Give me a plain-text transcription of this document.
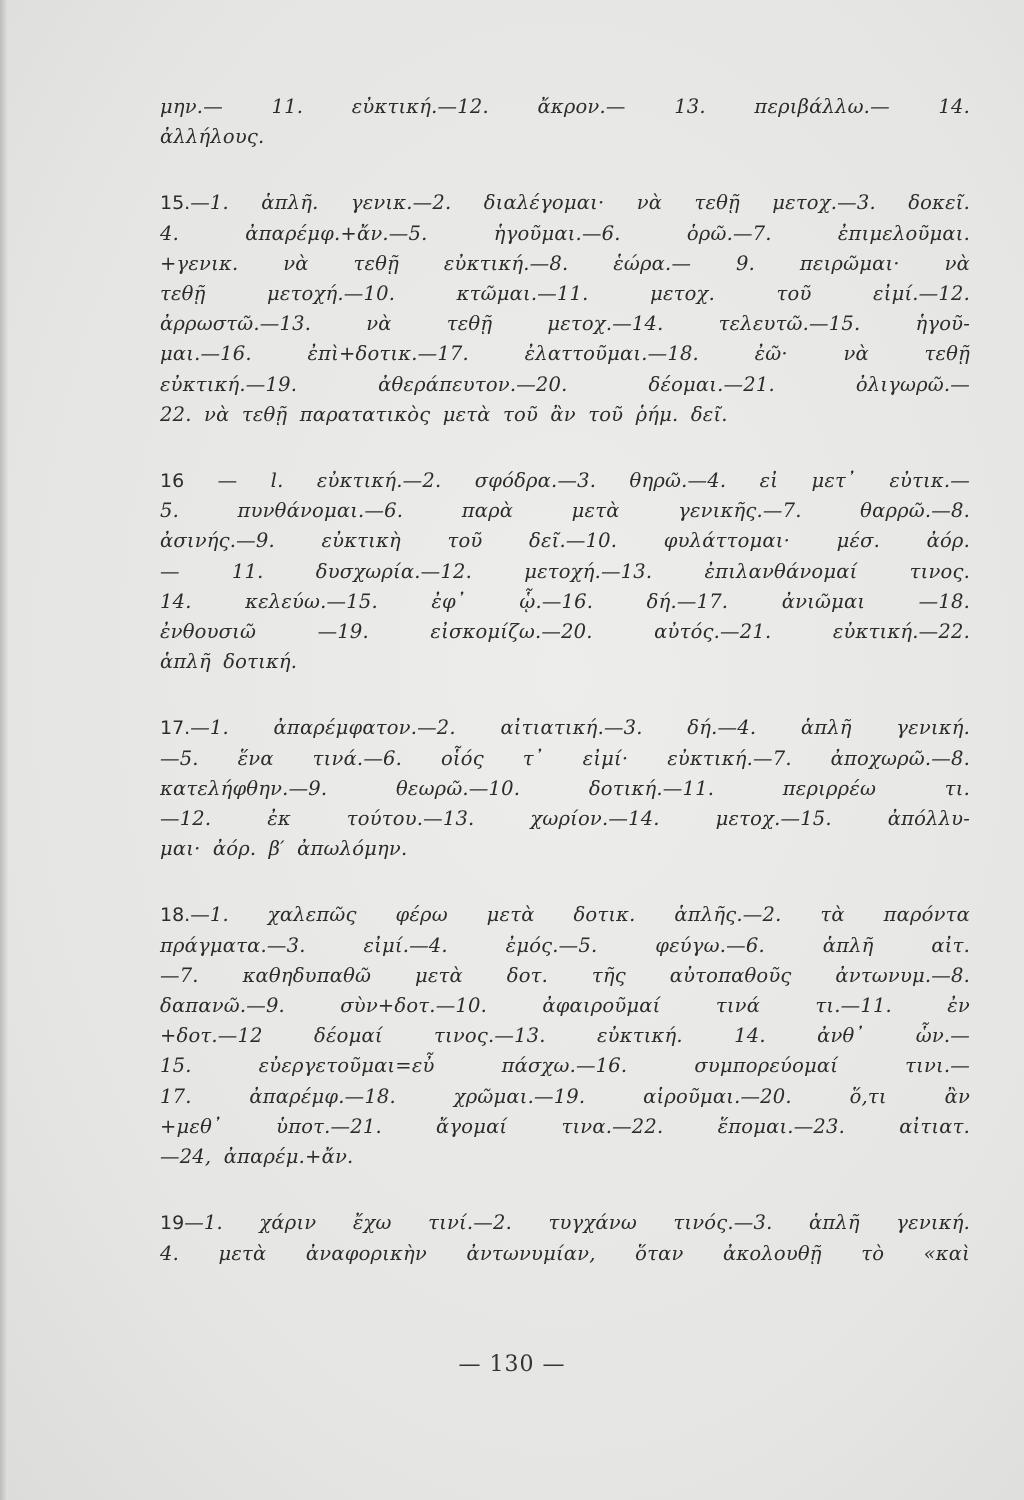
μην.— 11. εὐκτική.—12. ἄκρον.— 13. περιβάλλω.— 14.
ἀλλήλους.
15.—1. ἁπλῆ. γενικ.—2. διαλέγομαι· νὰ τεθῇ μετοχ.—3. δοκεῖ.
4. ἀπαρέμφ.+ἄν.—5. ἡγοῦμαι.—6. ὁρῶ.—7. ἐπιμελοῦμαι.
+γενικ. νὰ τεθῇ εὐκτική.—8. ἑώρα.— 9. πειρῶμαι· νὰ
τεθῇ μετοχή.—10. κτῶμαι.—11. μετοχ. τοῦ εἰμί.—12.
ἀρρωστῶ.—13. νὰ τεθῇ μετοχ.—14. τελευτῶ.—15. ἡγοῦ-
μαι.—16. ἐπὶ+δοτικ.—17. ἐλαττοῦμαι.—18. ἐῶ· νὰ τεθῇ
εὐκτική.—19. ἀθεράπευτον.—20. δέομαι.—21. ὀλιγωρῶ.—
22. νὰ τεθῇ παρατατικὸς μετὰ τοῦ ἂν τοῦ ῥήμ. δεῖ.
16 — l. εὐκτική.—2. σφόδρα.—3. θηρῶ.—4. εἰ μετ᾽ εὐτικ.—
5. πυνθάνομαι.—6. παρὰ μετὰ γενικῆς.—7. θαρρῶ.—8.
ἀσινής.—9. εὐκτικὴ τοῦ δεῖ.—10. φυλάττομαι· μέσ. ἀόρ.
— 11. δυσχωρία.—12. μετοχή.—13. ἐπιλανθάνομαί τινος.
14. κελεύω.—15. ἐφ᾽ ᾧ.—16. δή.—17. ἀνιῶμαι —18.
ἐνθουσιῶ —19. εἰσκομίζω.—20. αὐτός.—21. εὐκτική.—22.
ἁπλῆ δοτική.
17.—1. ἀπαρέμφατον.—2. αἰτιατική.—3. δή.—4. ἁπλῆ γενική.
—5. ἕνα τινά.—6. οἷός τ᾽ εἰμί· εὐκτική.—7. ἀποχωρῶ.—8.
κατελήφθην.—9. θεωρῶ.—10. δοτική.—11. περιρρέω τι.
—12. ἐκ τούτου.—13. χωρίον.—14. μετοχ.—15. ἀπόλλυ-
μαι· ἀόρ. β′ ἀπωλόμην.
18.—1. χαλεπῶς φέρω μετὰ δοτικ. ἁπλῆς.—2. τὰ παρόντα
πράγματα.—3. εἰμί.—4. ἐμός.—5. φεύγω.—6. ἁπλῆ αἰτ.
—7. καθηδυπαθῶ μετὰ δοτ. τῆς αὐτοπαθοῦς ἀντωνυμ.—8.
δαπανῶ.—9. σὺν+δοτ.—10. ἀφαιροῦμαί τινά τι.—11. ἐν
+δοτ.—12 δέομαί τινος.—13. εὐκτική. 14. ἀνθ᾽ ὧν.—
15. εὐεργετοῦμαι=εὖ πάσχω.—16. συμπορεύομαί τινι.—
17. ἀπαρέμφ.—18. χρῶμαι.—19. αἱροῦμαι.—20. ὅ,τι ἂν
+μεθ᾽ ὑποτ.—21. ἄγομαί τινα.—22. ἕπομαι.—23. αἰτιατ.
—24, ἀπαρέμ.+ἄν.
19—1. χάριν ἔχω τινί.—2. τυγχάνω τινός.—3. ἁπλῆ γενική.
4. μετὰ ἀναφορικὴν ἀντωνυμίαν, ὅταν ἀκολουθῇ τὸ «καὶ
— 130 —
